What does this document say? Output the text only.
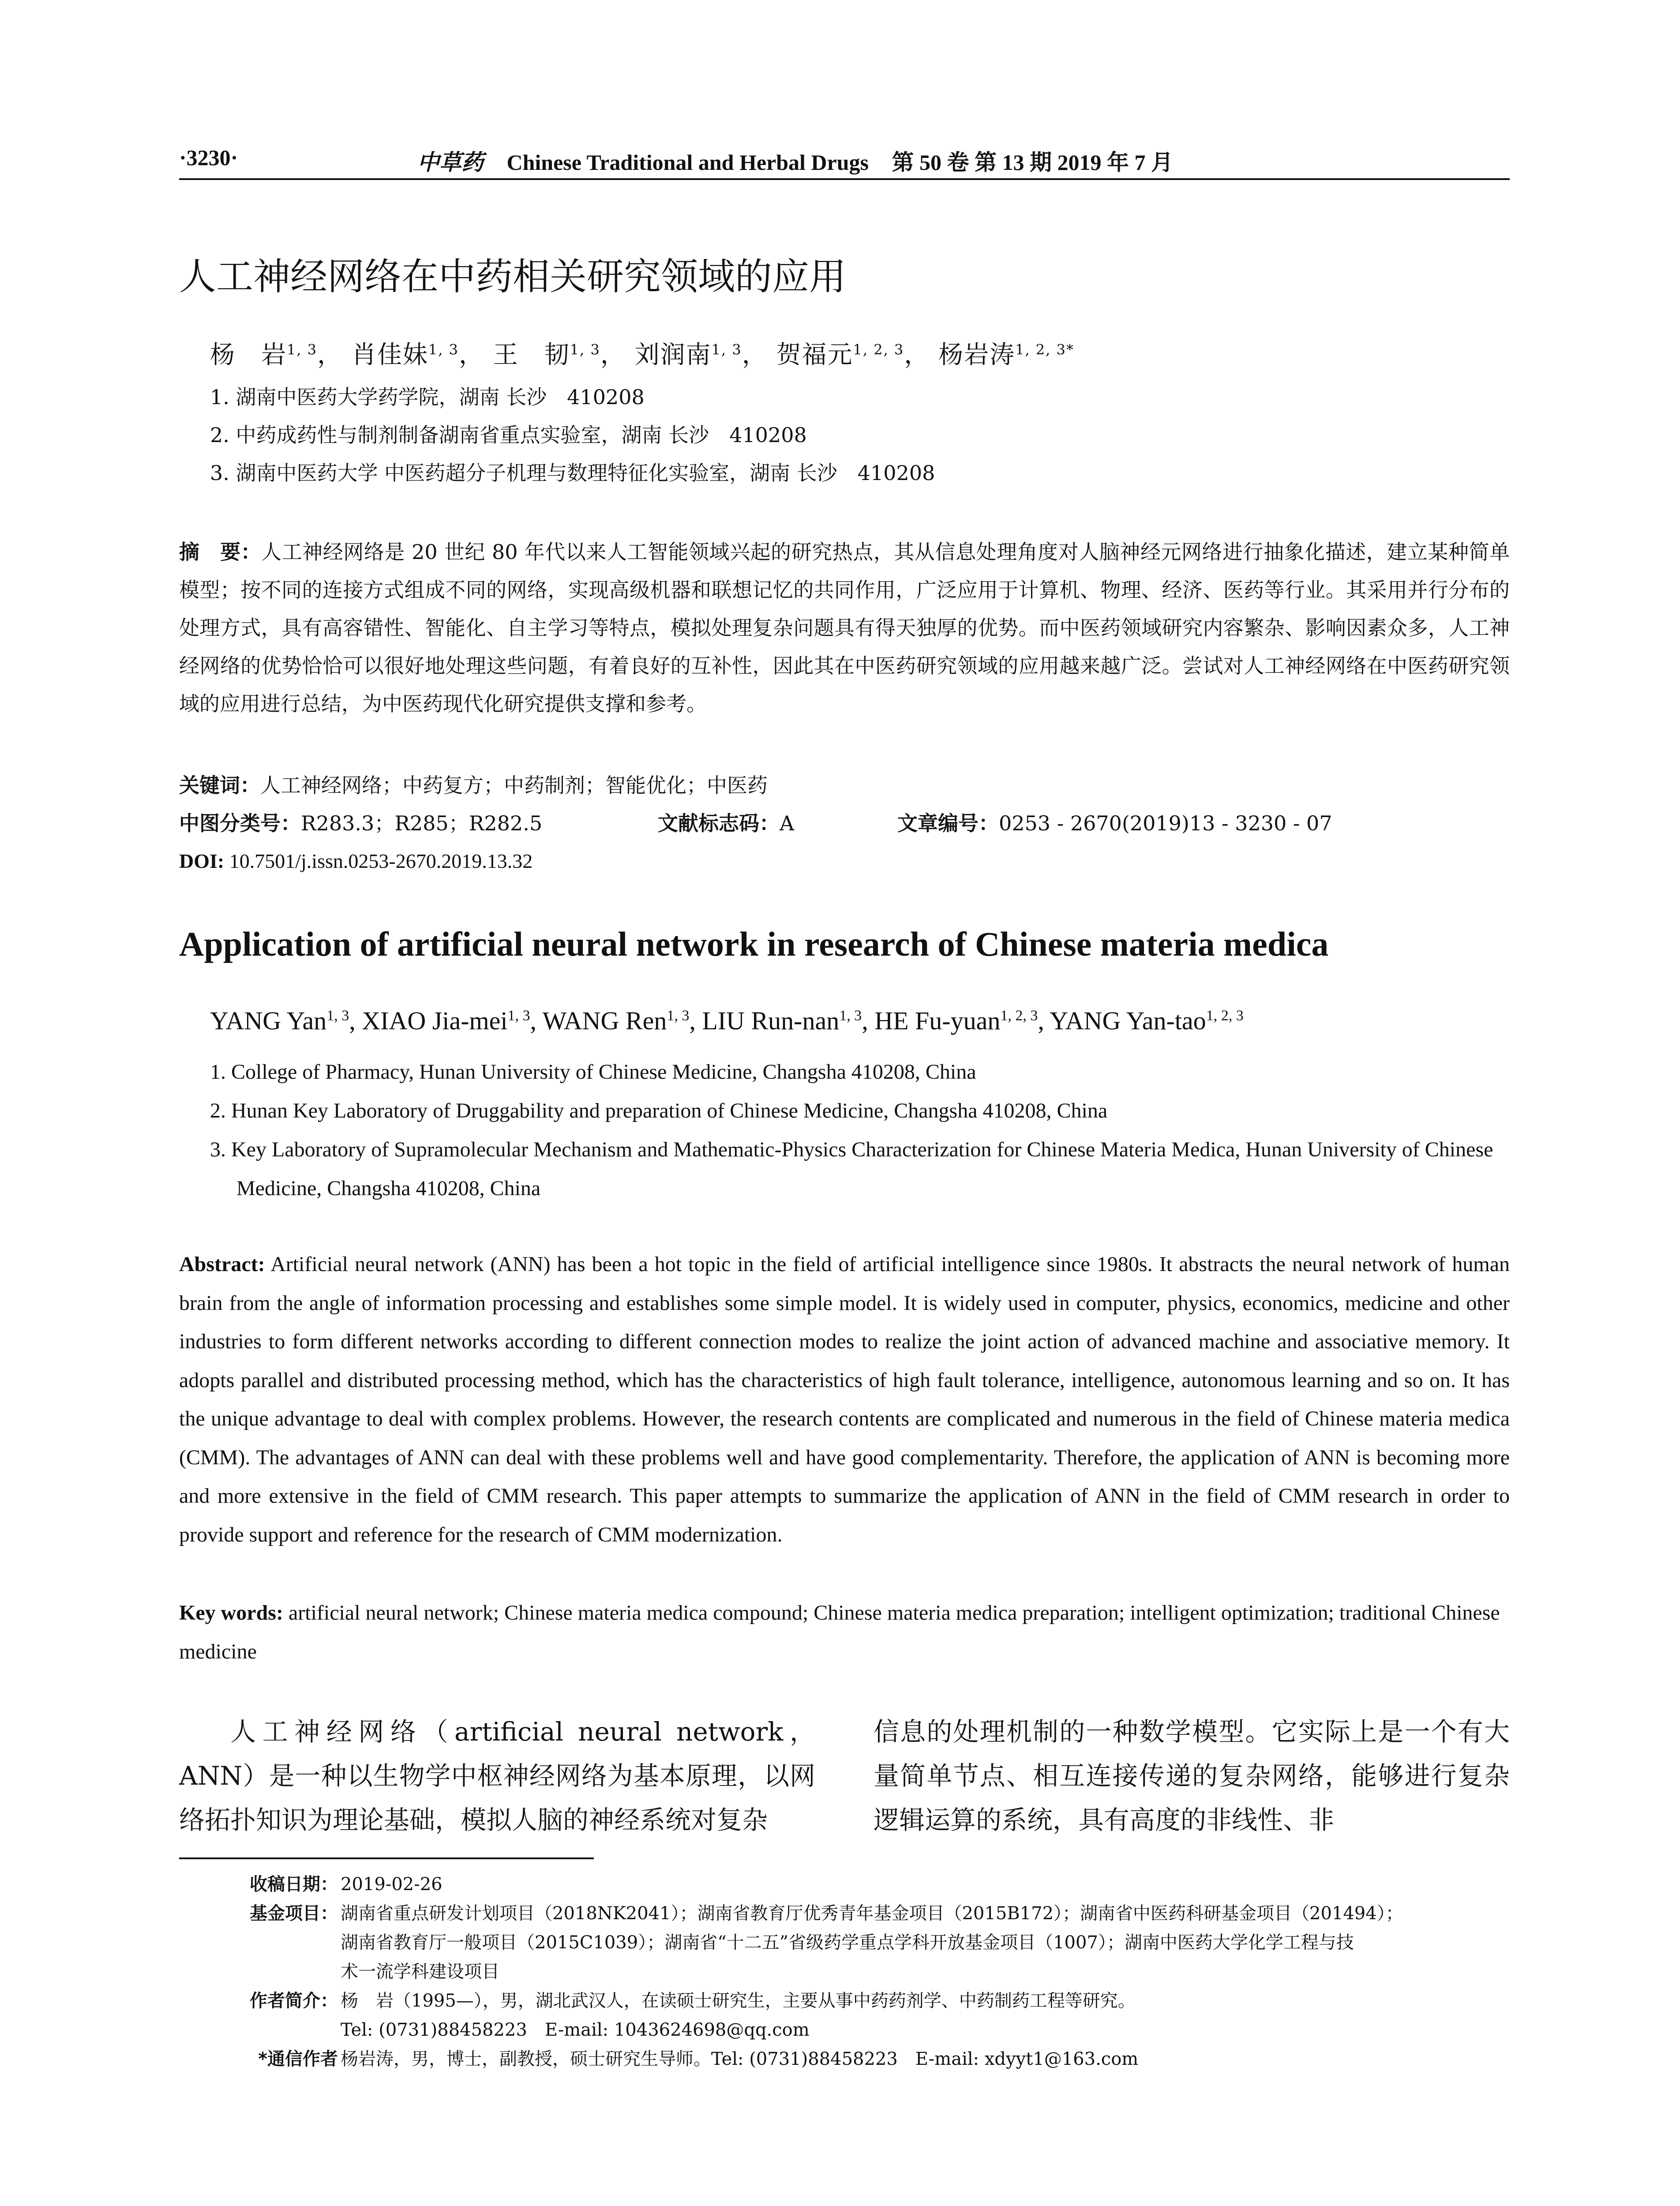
·3230·	中草药 Chinese Traditional and Herbal Drugs 第 50 卷 第 13 期 2019 年 7 月
人工神经网络在中药相关研究领域的应用
杨　岩$^{1, 3}$， 肖佳妹$^{1, 3}$， 王　韧$^{1, 3}$， 刘润南$^{1, 3}$， 贺福元$^{1, 2, 3}$， 杨岩涛$^{1, 2, 3*}$
1. 湖南中医药大学药学院，湖南 长沙　410208
2. 中药成药性与制剂制备湖南省重点实验室，湖南 长沙　410208
3. 湖南中医药大学 中医药超分子机理与数理特征化实验室，湖南 长沙　410208
摘　要：人工神经网络是 20 世纪 80 年代以来人工智能领域兴起的研究热点，其从信息处理角度对人脑神经元网络进行抽象化描述，建立某种简单模型；按不同的连接方式组成不同的网络，实现高级机器和联想记忆的共同作用，广泛应用于计算机、物理、经济、医药等行业。其采用并行分布的处理方式，具有高容错性、智能化、自主学习等特点，模拟处理复杂问题具有得天独厚的优势。而中医药领域研究内容繁杂、影响因素众多，人工神经网络的优势恰恰可以很好地处理这些问题，有着良好的互补性，因此其在中医药研究领域的应用越来越广泛。尝试对人工神经网络在中医药研究领域的应用进行总结，为中医药现代化研究提供支撑和参考。
关键词：人工神经网络；中药复方；中药制剂；智能优化；中医药
中图分类号：R283.3；R285；R282.5	文献标志码：A	文章编号：0253 - 2670(2019)13 - 3230 - 07
DOI: 10.7501/j.issn.0253-2670.2019.13.32
Application of artificial neural network in research of Chinese materia medica
YANG Yan$^{1, 3}$, XIAO Jia-mei$^{1, 3}$, WANG Ren$^{1, 3}$, LIU Run-nan$^{1, 3}$, HE Fu-yuan$^{1, 2, 3}$, YANG Yan-tao$^{1, 2, 3}$
1. College of Pharmacy, Hunan University of Chinese Medicine, Changsha 410208, China
2. Hunan Key Laboratory of Druggability and preparation of Chinese Medicine, Changsha 410208, China
3. Key Laboratory of Supramolecular Mechanism and Mathematic-Physics Characterization for Chinese Materia Medica, Hunan University of Chinese Medicine, Changsha 410208, China
Abstract: Artificial neural network (ANN) has been a hot topic in the field of artificial intelligence since 1980s. It abstracts the neural network of human brain from the angle of information processing and establishes some simple model. It is widely used in computer, physics, economics, medicine and other industries to form different networks according to different connection modes to realize the joint action of advanced machine and associative memory. It adopts parallel and distributed processing method, which has the characteristics of high fault tolerance, intelligence, autonomous learning and so on. It has the unique advantage to deal with complex problems. However, the research contents are complicated and numerous in the field of Chinese materia medica (CMM). The advantages of ANN can deal with these problems well and have good complementarity. Therefore, the application of ANN is becoming more and more extensive in the field of CMM research. This paper attempts to summarize the application of ANN in the field of CMM research in order to provide support and reference for the research of CMM modernization.
Key words: artificial neural network; Chinese materia medica compound; Chinese materia medica preparation; intelligent optimization; traditional Chinese medicine
人工神经网络（artificial neural network，ANN）是一种以生物学中枢神经网络为基本原理，以网络拓扑知识为理论基础，模拟人脑的神经系统对复杂
信息的处理机制的一种数学模型。它实际上是一个有大量简单节点、相互连接传递的复杂网络，能够进行复杂逻辑运算的系统，具有高度的非线性、非
收稿日期： 2019-02-26
基金项目： 湖南省重点研发计划项目（2018NK2041）；湖南省教育厅优秀青年基金项目（2015B172）；湖南省中医药科研基金项目（201494）；
湖南省教育厅一般项目（2015C1039）；湖南省“十二五”省级药学重点学科开放基金项目（1007）；湖南中医药大学化学工程与技
术一流学科建设项目
作者简介： 杨　岩（1995—），男，湖北武汉人，在读硕士研究生，主要从事中药药剂学、中药制药工程等研究。
Tel: (0731)88458223　E-mail: 1043624698@qq.com
*通信作者 杨岩涛，男，博士，副教授，硕士研究生导师。Tel: (0731)88458223　E-mail: xdyyt1@163.com
